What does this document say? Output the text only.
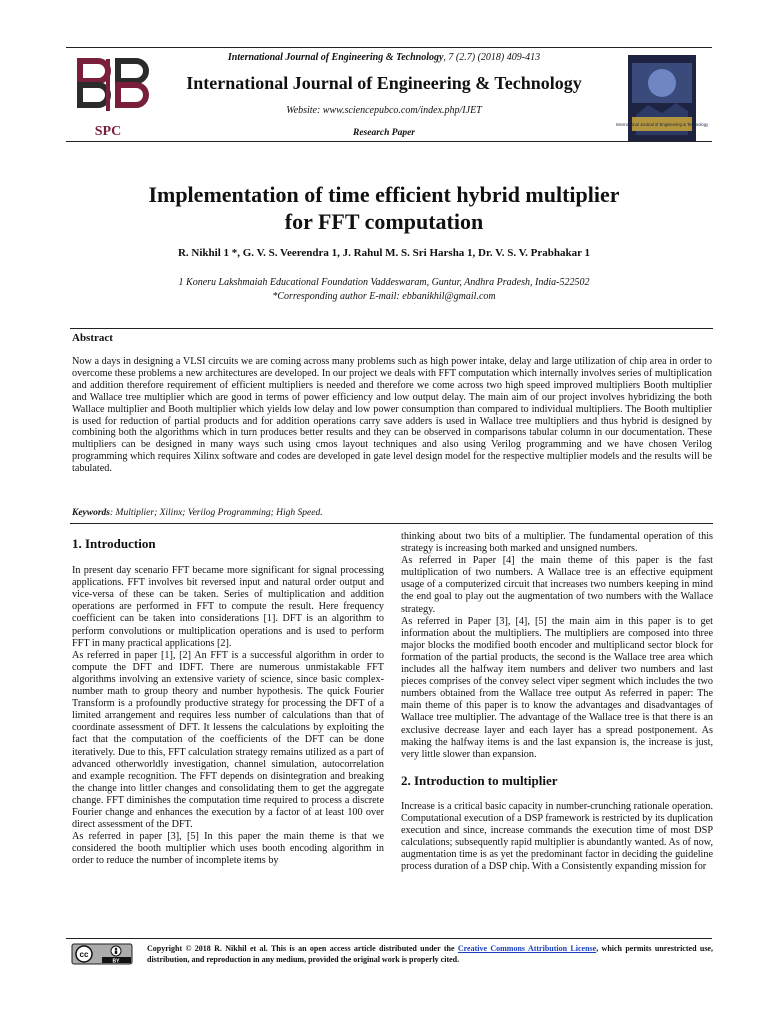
International Journal of Engineering & Technology, 7 (2.7) (2018) 409-413
SPC
International Journal of Engineering & Technology
Website: www.sciencepubco.com/index.php/IJET
Research Paper
International Journal of Engineering & Technology
Implementation of time efficient hybrid multiplier
for FFT computation
R. Nikhil 1 *, G. V. S. Veerendra 1, J. Rahul M. S. Sri Harsha 1, Dr. V. S. V. Prabhakar 1
1 Koneru Lakshmaiah Educational Foundation Vaddeswaram, Guntur, Andhra Pradesh, India-522502
*Corresponding author E-mail: ebbanikhil@gmail.com
Abstract
Now a days in designing a VLSI circuits we are coming across many problems such as high power intake, delay and large utilization of chip area in order to overcome these problems a new architectures are developed. In our project we deals with FFT computation which internally involves series of multiplication and addition therefore requirement of efficient multipliers is needed and therefore we come across two high speed improved multipliers Booth multiplier and Wallace tree multiplier which are good in terms of power efficiency and low output delay. The main aim of our project involves hybridizing the both Wallace multiplier and Booth multiplier which yields low delay and low power consumption than compared to individual multipliers. The Booth multiplier is used for reduction of partial products and for addition operations carry save adders is used in Wallace tree multipliers and thus hybrid is designed by combining both the algorithms which in turn produces better results and they can be observed in comparisons tabular column in our documentation. These multipliers can be designed in many ways such using cmos layout techniques and also using Verilog programming and we have chosen Verilog programming which requires Xilinx software and codes are developed in gate level design model for the respective multiplier models and the results will be tabulated.
Keywords: Multiplier; Xilinx; Verilog Programming; High Speed.
1. Introduction

In present day scenario FFT became more significant for signal processing applications. FFT involves bit reversed input and natural order output and vice-versa of these can be taken. Series of multiplication and addition operations are performed in FFT to compute the result. Here frequency coefficient can be taken into considerations [1]. DFT is an algorithm to perform convolutions or multiplication operations and is used to perform FFT in many practical applications [2].

As referred in paper [1], [2] An FFT is a successful algorithm in order to compute the DFT and IDFT. There are numerous unmistakable FFT algorithms involving an extensive variety of science, since basic complex-number math to group theory and number hypothesis. The quick Fourier Transform is a profoundly productive strategy for processing the DFT of a limited arrangement and requires less number of calculations than that of coordinate assessment of DFT. It lessens the calculations by exploiting the fact that the computation of the coefficients of the DFT can be done iteratively. Due to this, FFT calculation strategy remains utilized as a part of advanced otherworldly investigation, channel simulation, autocorrelation and example recognition. The FFT depends on disintegration and breaking the change into littler changes and consolidating them to get the aggregate change. FFT diminishes the computation time required to process a discrete Fourier change and enhances the execution by a factor of at least 100 over direct assessment of the DFT.

As referred in paper [3], [5] In this paper the main theme is that we considered the booth multiplier which uses booth encoding algorithm in order to reduce the number of incomplete items by

thinking about two bits of a multiplier. The fundamental operation of this strategy is increasing both marked and unsigned numbers.

As referred in Paper [4] the main theme of this paper is the fast multiplication of two numbers. A Wallace tree is an effective equipment usage of a computerized circuit that increases two numbers keeping in mind the end goal to play out the augmentation of two numbers with the Wallace strategy.

As referred in Paper [3], [4], [5] the main aim in this paper is to get information about the multipliers. The multipliers are composed into three major blocks the modified booth encoder and multiplicand sector block for formation of the partial products, the second is the Wallace tree area which includes all the halfway item numbers and deliver two numbers and last pieces comprises of the convey select viper segment which includes the two numbers obtained from the Wallace tree output As referred in paper: The main theme of this paper is to know the advantages and disadvantages of Wallace tree multiplier. The advantage of the Wallace tree is that there is an exclusive decrease layer and each layer has a spread postponement. As making the halfway items is and the last expansion is, the increase is just, very little slower than expansion.

2. Introduction to multiplier

Increase is a critical basic capacity in number-crunching rationale operation. Computational execution of a DSP framework is restricted by its duplication execution and since, increase commands the execution time of most DSP calculations; subsequently rapid multiplier is abundantly wanted. As of now, augmentation time is as yet the predominant factor in deciding the guideline process duration of a DSP chip. With a Consistently expanding mission for

cc
BY
Copyright © 2018 R. Nikhil et al. This is an open access article distributed under the Creative Commons Attribution License, which permits unrestricted use, distribution, and reproduction in any medium, provided the original work is properly cited.
